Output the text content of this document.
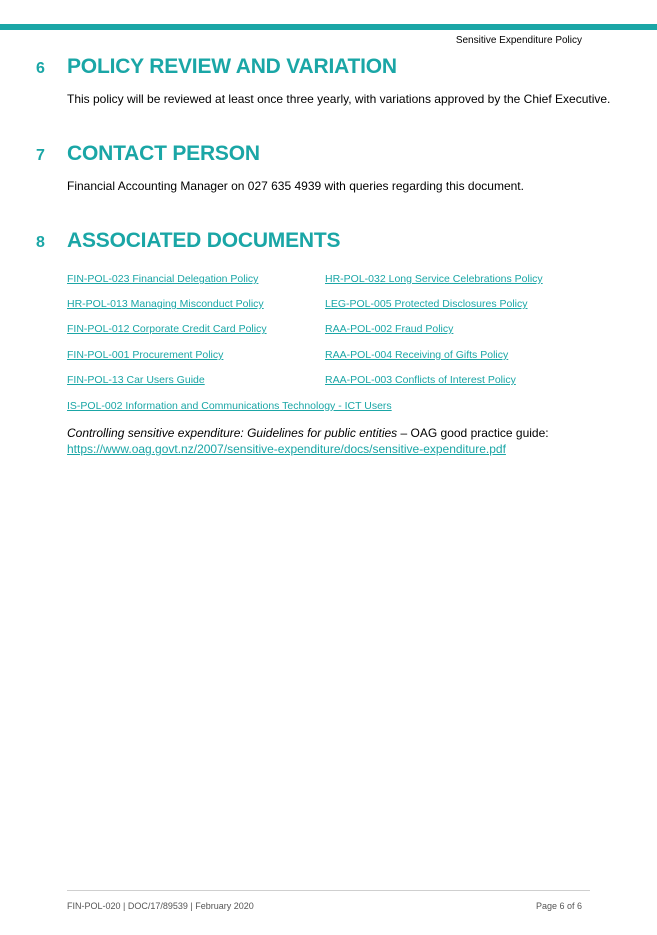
Sensitive Expenditure Policy
6 POLICY REVIEW AND VARIATION
This policy will be reviewed at least once three yearly, with variations approved by the Chief Executive.
7 CONTACT PERSON
Financial Accounting Manager on 027 635 4939 with queries regarding this document.
8 ASSOCIATED DOCUMENTS
FIN-POL-023 Financial Delegation Policy
HR-POL-013 Managing Misconduct Policy
FIN-POL-012 Corporate Credit Card Policy
FIN-POL-001 Procurement Policy
FIN-POL-13 Car Users Guide
HR-POL-032 Long Service Celebrations Policy
LEG-POL-005 Protected Disclosures Policy
RAA-POL-002 Fraud Policy
RAA-POL-004 Receiving of Gifts Policy
RAA-POL-003 Conflicts of Interest Policy
IS-POL-002 Information and Communications Technology - ICT Users
Controlling sensitive expenditure: Guidelines for public entities – OAG good practice guide:
https://www.oag.govt.nz/2007/sensitive-expenditure/docs/sensitive-expenditure.pdf
FIN-POL-020 | DOC/17/89539 | February 2020	Page 6 of 6
